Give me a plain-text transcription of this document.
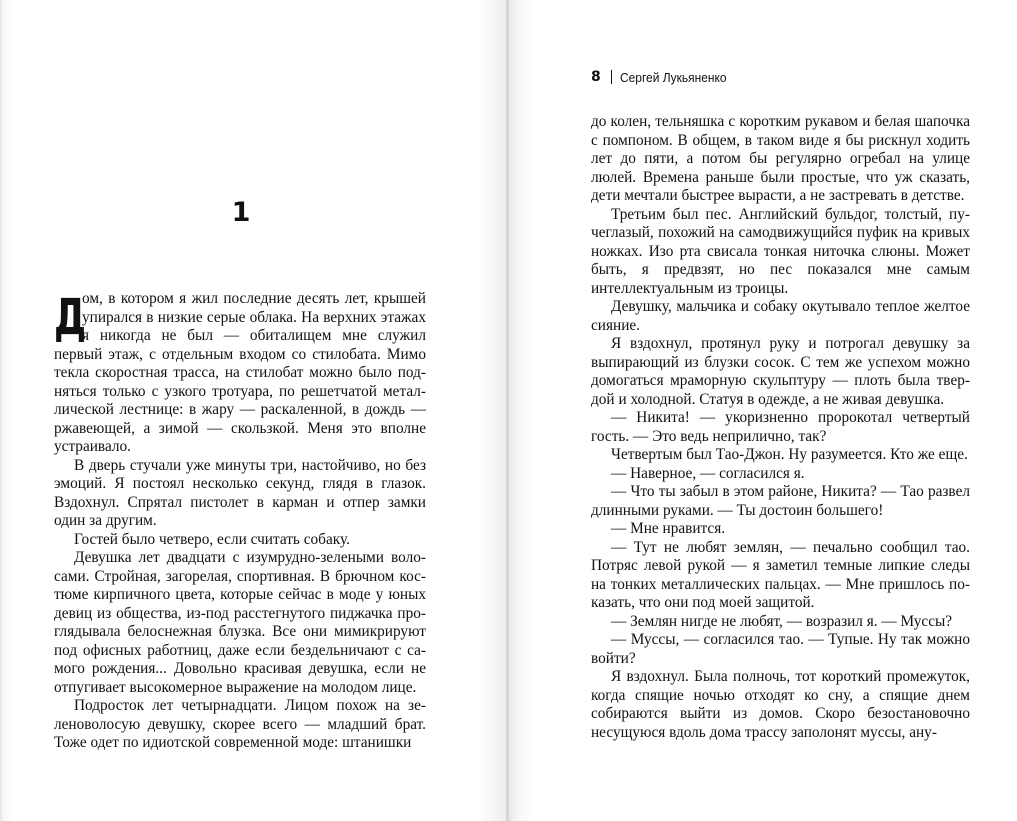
1

Д
ом, в котором я жил последние десять лет, крышей упирался в низкие серые облака. На верхних этажах я никогда не был — обиталищем мне служил первый этаж, с отдельным входом со стилобата. Мимо текла скоростная трасса, на стилобат можно было подняться только с узкого тротуара, по решетчатой металлической лестнице: в жару — раскаленной, в дождь — ржавеющей, а зимой — скользкой. Меня это вполне устраивало.

В дверь стучали уже минуты три, настойчиво, но без эмоций. Я постоял несколько секунд, глядя в глазок. Вздохнул. Спрятал пистолет в карман и отпер замки один за другим.

Гостей было четверо, если считать собаку.

Девушка лет двадцати с изумрудно-зелеными волосами. Стройная, загорелая, спортивная. В брючном костюме кирпичного цвета, которые сейчас в моде у юных девиц из общества, из-под расстегнутого пиджачка проглядывала белоснежная блузка. Все они мимикрируют под офисных работниц, даже если бездельничают с самого рождения... Довольно красивая девушка, если не отпугивает высокомерное выражение на молодом лице.

Подросток лет четырнадцати. Лицом похож на зеленоволосую девушку, скорее всего — младший брат. Тоже одет по идиотской современной моде: штанишки

8 Сергей Лукьяненко

до колен, тельняшка с коротким рукавом и белая шапочка с помпоном. В общем, в таком виде я бы рискнул ходить лет до пяти, а потом бы регулярно огребал на улице люлей. Времена раньше были простые, что уж сказать, дети мечтали быстрее вырасти, а не застревать в детстве.

Третьим был пес. Английский бульдог, толстый, пучеглазый, похожий на самодвижущийся пуфик на кривых ножках. Изо рта свисала тонкая ниточка слюны. Может быть, я предвзят, но пес показался мне самым интеллектуальным из троицы.

Девушку, мальчика и собаку окутывало теплое желтое сияние.

Я вздохнул, протянул руку и потрогал девушку за выпирающий из блузки сосок. С тем же успехом можно домогаться мраморную скульптуру — плоть была твердой и холодной. Статуя в одежде, а не живая девушка.

— Никита! — укоризненно пророкотал четвертый гость. — Это ведь неприлично, так?

Четвертым был Тао-Джон. Ну разумеется. Кто же еще.

— Наверное, — согласился я.

— Что ты забыл в этом районе, Никита? — Тао развел длинными руками. — Ты достоин большего!

— Мне нравится.

— Тут не любят землян, — печально сообщил тао. Потряс левой рукой — я заметил темные липкие следы на тонких металлических пальцах. — Мне пришлось показать, что они под моей защитой.

— Землян нигде не любят, — возразил я. — Муссы?

— Муссы, — согласился тао. — Тупые. Ну так можно войти?

Я вздохнул. Была полночь, тот короткий промежуток, когда спящие ночью отходят ко сну, а спящие днем собираются выйти из домов. Скоро безостановочно несущуюся вдоль дома трассу заполонят муссы, ану-
